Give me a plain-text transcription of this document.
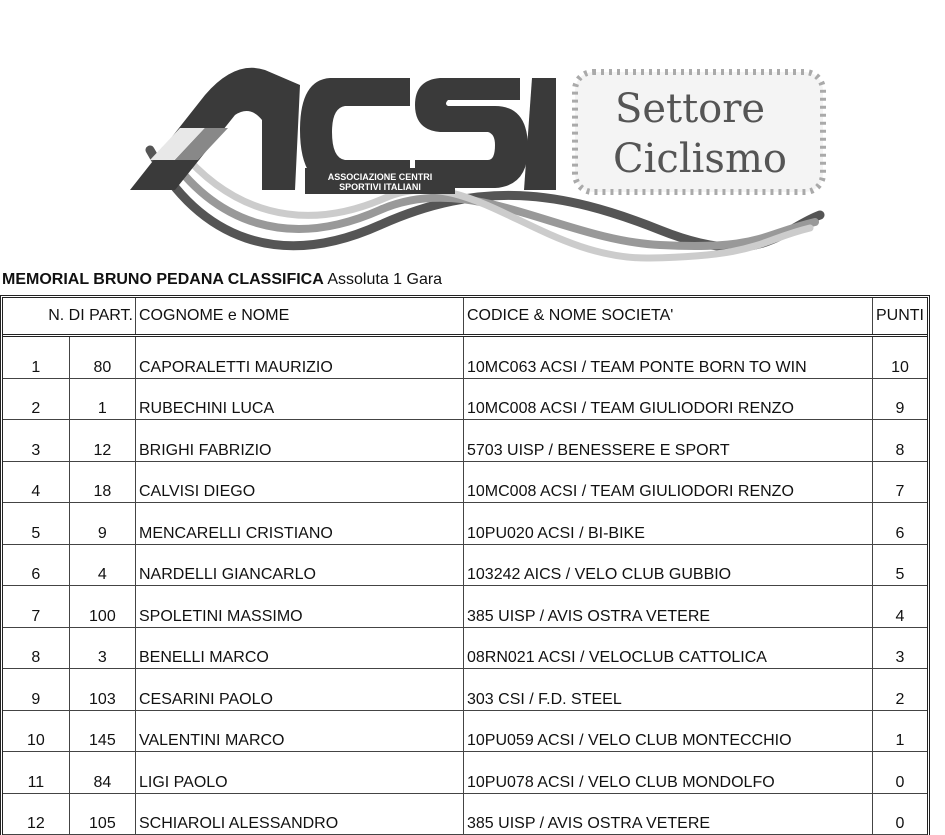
ASSOCIAZIONE CENTRI
SPORTIVI ITALIANI
Settore
Ciclismo
MEMORIAL BRUNO PEDANA CLASSIFICA Assoluta 1 Gara
N. DI PART.		COGNOME e NOME	CODICE & NOME SOCIETA'	PUNTI
1	80	CAPORALETTI MAURIZIO	10MC063 ACSI / TEAM PONTE BORN TO WIN	10
2	1	RUBECHINI LUCA	10MC008 ACSI / TEAM GIULIODORI RENZO	9
3	12	BRIGHI FABRIZIO	5703 UISP / BENESSERE E SPORT	8
4	18	CALVISI DIEGO	10MC008 ACSI / TEAM GIULIODORI RENZO	7
5	9	MENCARELLI CRISTIANO	10PU020 ACSI / BI-BIKE	6
6	4	NARDELLI GIANCARLO	103242 AICS / VELO CLUB GUBBIO	5
7	100	SPOLETINI MASSIMO	385 UISP / AVIS OSTRA VETERE	4
8	3	BENELLI MARCO	08RN021 ACSI / VELOCLUB CATTOLICA	3
9	103	CESARINI PAOLO	303 CSI / F.D. STEEL	2
10	145	VALENTINI MARCO	10PU059 ACSI / VELO CLUB MONTECCHIO	1
11	84	LIGI PAOLO	10PU078 ACSI / VELO CLUB MONDOLFO	0
12	105	SCHIAROLI ALESSANDRO	385 UISP / AVIS OSTRA VETERE	0
